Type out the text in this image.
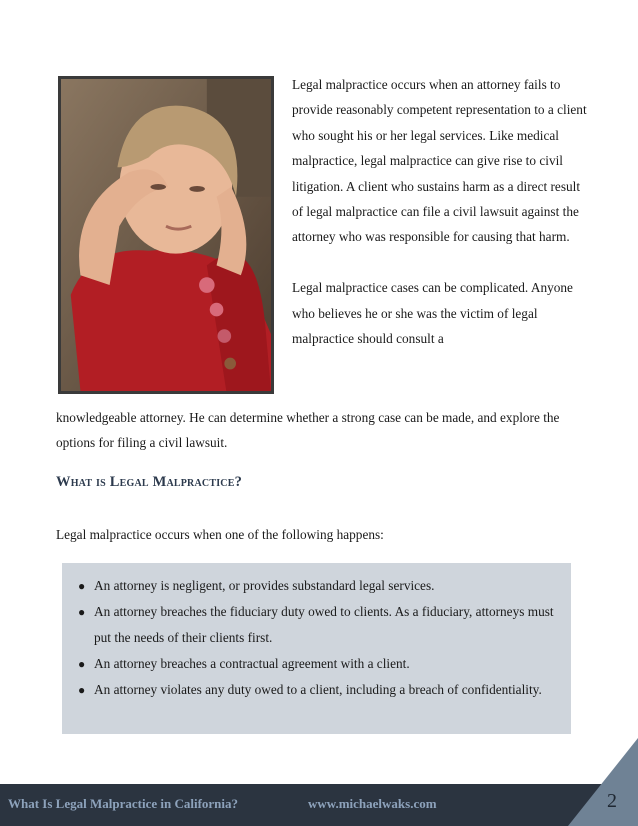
Legal malpractice occurs when an attorney fails to provide reasonably competent representation to a client who sought his or her legal services. Like medical malpractice, legal malpractice can give rise to civil litigation. A client who sustains harm as a direct result of legal malpractice can file a civil lawsuit against the attorney who was responsible for causing that harm.

Legal malpractice cases can be complicated. Anyone who believes he or she was the victim of legal malpractice should consult a

knowledgeable attorney. He can determine whether a strong case can be made, and explore the options for filing a civil lawsuit.

What is Legal Malpractice?

Legal malpractice occurs when one of the following happens:

● An attorney is negligent, or provides substandard legal services.
● An attorney breaches the fiduciary duty owed to clients. As a fiduciary, attorneys must put the needs of their clients first.
● An attorney breaches a contractual agreement with a client.
● An attorney violates any duty owed to a client, including a breach of confidentiality.

What Is Legal Malpractice in California?	www.michaelwaks.com	2
